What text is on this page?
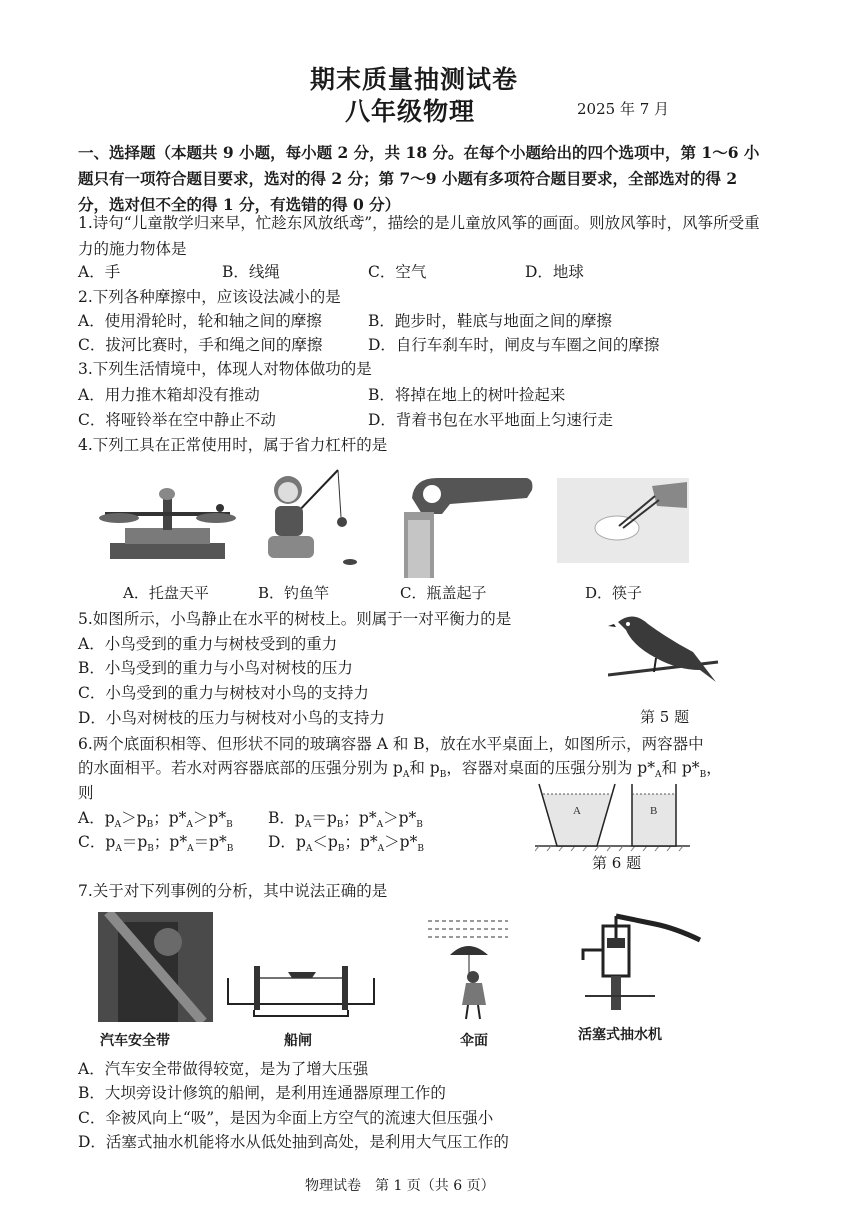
期末质量抽测试卷
八年级物理	2025 年 7 月
一、选择题（本题共 9 小题，每小题 2 分，共 18 分。在每个小题给出的四个选项中，第 1～6 小题只有一项符合题目要求，选对的得 2 分；第 7～9 小题有多项符合题目要求，全部选对的得 2 分，选对但不全的得 1 分，有选错的得 0 分）
1.诗句“儿童散学归来早，忙趁东风放纸鸢”，描绘的是儿童放风筝的画面。则放风筝时，风筝所受重力的施力物体是
A．手	B．线绳	C．空气	D．地球
2.下列各种摩擦中，应该设法减小的是
A．使用滑轮时，轮和轴之间的摩擦	B．跑步时，鞋底与地面之间的摩擦
C．拔河比赛时，手和绳之间的摩擦	D．自行车刹车时，闸皮与车圈之间的摩擦
3.下列生活情境中，体现人对物体做功的是
A．用力推木箱却没有推动	B．将掉在地上的树叶捡起来
C．将哑铃举在空中静止不动	D．背着书包在水平地面上匀速行走
4.下列工具在正常使用时，属于省力杠杆的是
A．托盘天平	B．钓鱼竿	C．瓶盖起子	D．筷子
5.如图所示，小鸟静止在水平的树枝上。则属于一对平衡力的是
A．小鸟受到的重力与树枝受到的重力
B．小鸟受到的重力与小鸟对树枝的压力
C．小鸟受到的重力与树枝对小鸟的支持力
D．小鸟对树枝的压力与树枝对小鸟的支持力	第 5 题
6.两个底面积相等、但形状不同的玻璃容器 A 和 B，放在水平桌面上，如图所示，两容器中
的水面相平。若水对两容器底部的压强分别为 $p_A$和 $p_B$，容器对桌面的压强分别为 $p*_A$和 $p*_B$，
则
A．$p_A>p_B$；$p*_A>p*_B$ B．$p_A=p_B$；$p*_A>p*_B$
C．$p_A=p_B$；$p*_A=p*_B$ D．$p_A<p_B$；$p*_A>p*_B$
A	B
第 6 题
7.关于对下列事例的分析，其中说法正确的是
汽车安全带	船闸	伞面	活塞式抽水机
A．汽车安全带做得较宽，是为了增大压强
B．大坝旁设计修筑的船闸，是利用连通器原理工作的
C．伞被风向上“吸”，是因为伞面上方空气的流速大但压强小
D．活塞式抽水机能将水从低处抽到高处，是利用大气压工作的
物理试卷　第 1 页（共 6 页）
